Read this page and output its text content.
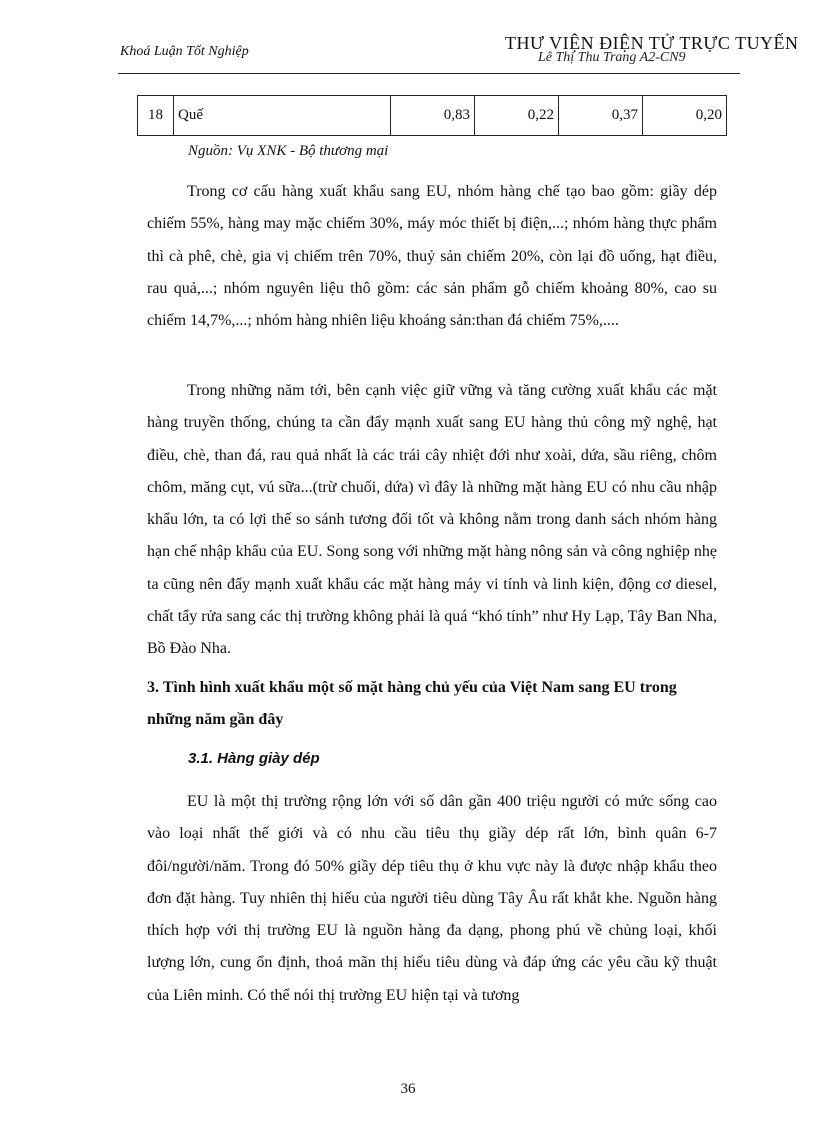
Khoá Luận Tốt Nghiệp	Lê Thị Thu Trang A2-CN9
THƯ VIỆN ĐIỆN TỬ TRỰC TUYẾN
18	Quế	0,83	0,22	0,37	0,20
Nguồn: Vụ XNK - Bộ thương mại

Trong cơ cấu hàng xuất khẩu sang EU, nhóm hàng chế tạo bao gồm: giầy dép chiếm 55%, hàng may mặc chiếm 30%, máy móc thiết bị điện,...; nhóm hàng thực phẩm thì cà phê, chè, gia vị chiếm trên 70%, thuỷ sản chiếm 20%, còn lại đồ uống, hạt điều, rau quả,...; nhóm nguyên liệu thô gồm: các sản phẩm gỗ chiếm khoảng 80%, cao su chiếm 14,7%,...; nhóm hàng nhiên liệu khoáng sản:than đá chiếm 75%,....

Trong những năm tới, bên cạnh việc giữ vững và tăng cường xuất khẩu các mặt hàng truyền thống, chúng ta cần đẩy mạnh xuất sang EU hàng thủ công mỹ nghệ, hạt điều, chè, than đá, rau quả nhất là các trái cây nhiệt đới như xoài, dứa, sầu riêng, chôm chôm, măng cụt, vú sữa...(trừ chuối, dứa) vì đây là những mặt hàng EU có nhu cầu nhập khẩu lớn, ta có lợi thế so sánh tương đối tốt và không nằm trong danh sách nhóm hàng hạn chế nhập khẩu của EU. Song song với những mặt hàng nông sản và công nghiệp nhẹ ta cũng nên đẩy mạnh xuất khẩu các mặt hàng máy vi tính và linh kiện, động cơ diesel, chất tẩy rửa sang các thị trường không phải là quá “khó tính” như Hy Lạp, Tây Ban Nha, Bồ Đào Nha.

3. Tình hình xuất khẩu một số mặt hàng chủ yếu của Việt Nam sang EU trong những năm gần đây

3.1. Hàng giày dép

EU là một thị trường rộng lớn với số dân gần 400 triệu người có mức sống cao vào loại nhất thế giới và có nhu cầu tiêu thụ giầy dép rất lớn, bình quân 6-7 đôi/người/năm. Trong đó 50% giầy dép tiêu thụ ở khu vực này là được nhập khẩu theo đơn đặt hàng. Tuy nhiên thị hiếu của người tiêu dùng Tây Âu rất khắt khe. Nguồn hàng thích hợp với thị trường EU là nguồn hàng đa dạng, phong phú về chủng loại, khối lượng lớn, cung ổn định, thoả mãn thị hiếu tiêu dùng và đáp ứng các yêu cầu kỹ thuật của Liên minh. Có thể nói thị trường EU hiện tại và tương

36
